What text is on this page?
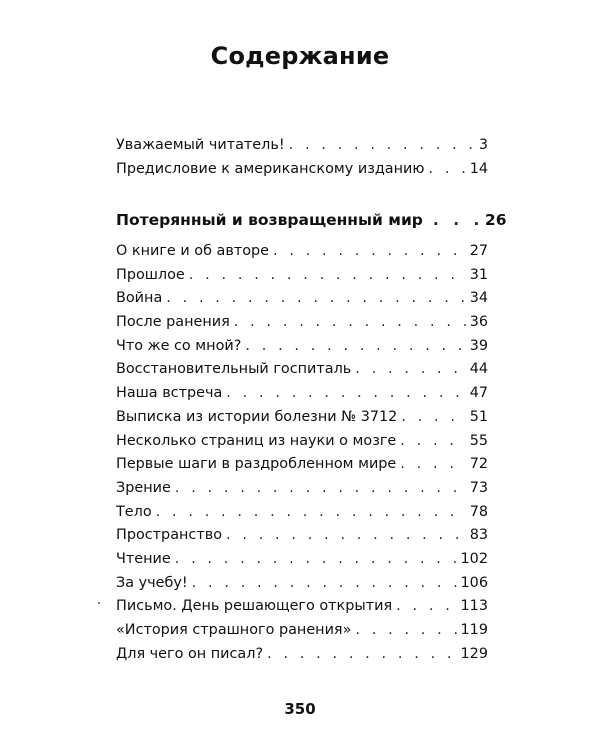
Содержание
Уважаемый читатель! . . .	3
Предисловие к американскому изданию . . .	14
Потерянный и возвращенный мир . . .	26
О книге и об авторе . . .	27
Прошлое . . .	31
Война . . .	34
После ранения . . .	36
Что же со мной? . . .	39
Восстановительный госпиталь . . .	44
Наша встреча . . .	47
Выписка из истории болезни № 3712 . . .	51
Несколько страниц из науки о мозге . . .	55
Первые шаги в раздробленном мире . . .	72
Зрение . . .	73
Тело . . .	78
Пространство . . .	83
Чтение . . .	102
За учебу! . . .	106
Письмо. День решающего открытия . . .	113
«История страшного ранения» . . .	119
Для чего он писал? . . .	129
350
